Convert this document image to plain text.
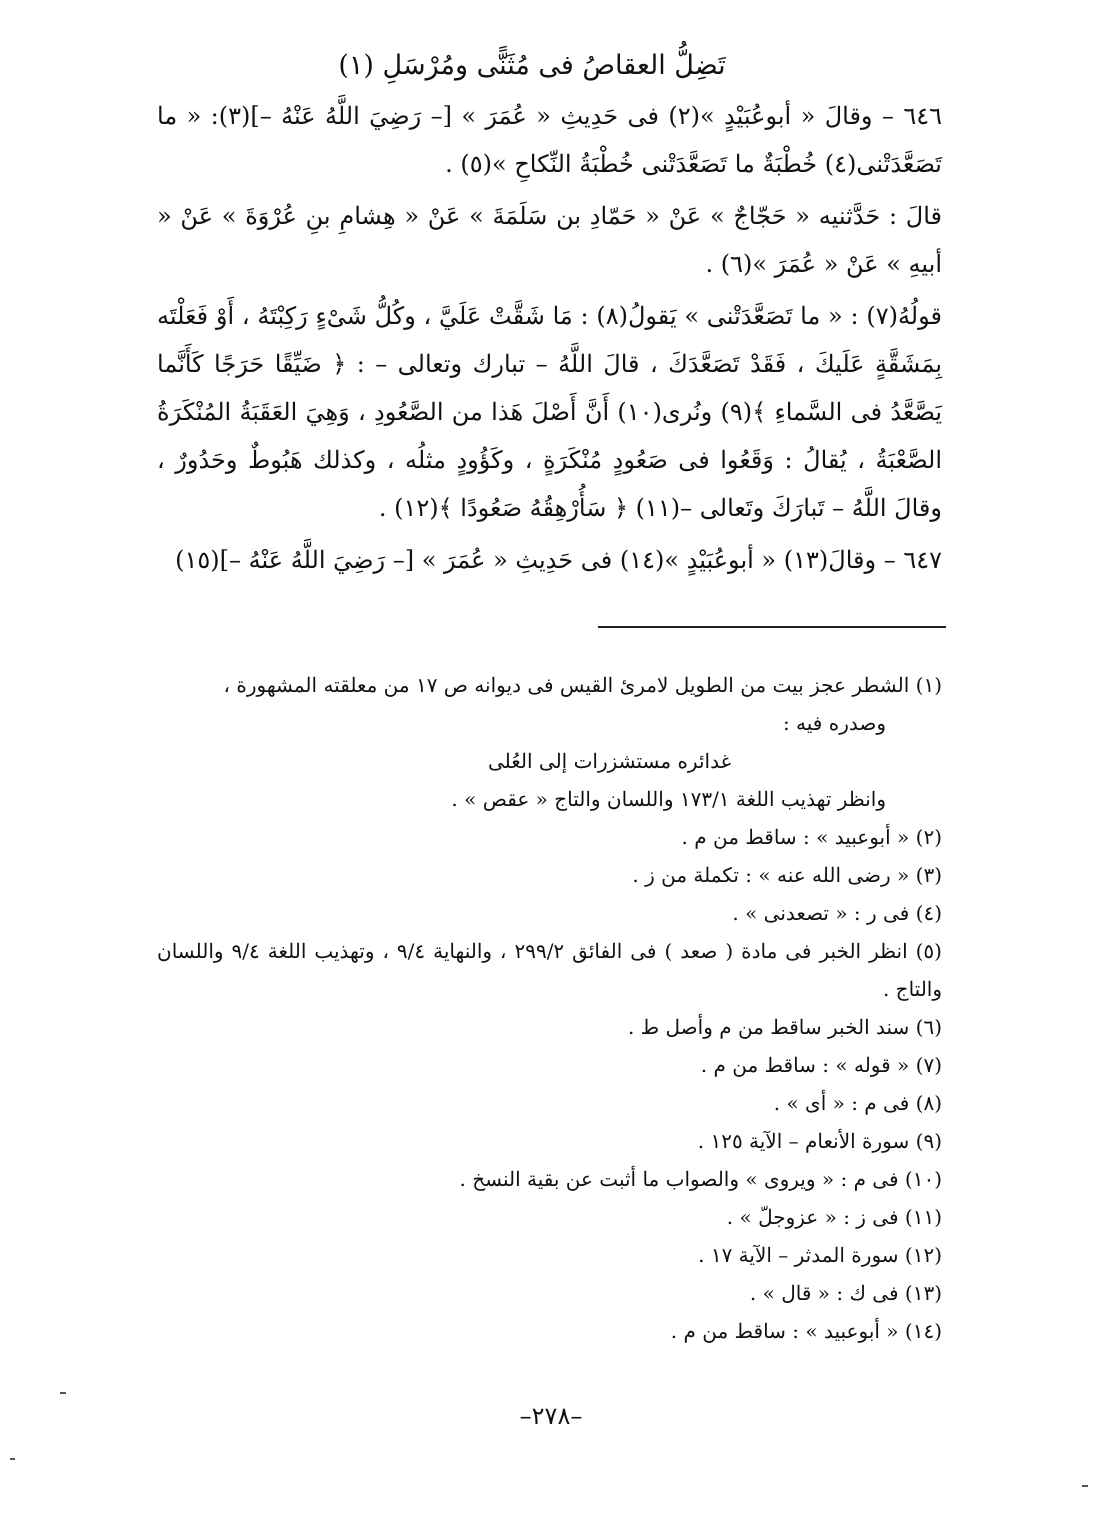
تَضِلُّ العقاصُ فى مُثَنًّى ومُرْسَلِ (١)

٦٤٦ – وقالَ « أبوعُبَيْدٍ »(٢) فى حَدِيثِ « عُمَرَ » [– رَضِيَ اللَّهُ عَنْهُ –](٣): « ما تَصَعَّدَتْنى(٤) خُطْبَةٌ ما تَصَعَّدَتْنى خُطْبَةُ النِّكاحِ »(٥) .

قالَ : حَدَّثنيه « حَجّاجٌ » عَنْ « حَمّادِ بن سَلَمَةَ » عَنْ « هِشامِ بنِ عُرْوَةَ » عَنْ « أبيهِ » عَنْ « عُمَرَ »(٦) .

قولُهُ(٧) : « ما تَصَعَّدَتْنى » يَقولُ(٨) : مَا شَقَّتْ عَلَيَّ ، وكُلُّ شَىْءٍ رَكِبْتَهُ ، أَوْ فَعَلْتَه بِمَشَقَّةٍ عَلَيكَ ، فَقَدْ تَصَعَّدَكَ ، قالَ اللَّهُ – تبارك وتعالى – : ﴿ ضَيِّقًا حَرَجًا كَأَنَّما يَصَّعَّدُ فى السَّماءِ ﴾(٩) ونُرى(١٠) أَنَّ أَصْلَ هَذا من الصَّعُودِ ، وَهِيَ العَقَبَةُ المُنْكَرَةُ الصَّعْبَةُ ، يُقالُ : وَقَعُوا فى صَعُودٍ مُنْكَرَةٍ ، وكَؤُودٍ مثلُه ، وكذلك هَبُوطٌ وحَدُورٌ ، وقالَ اللَّهُ – تَبارَكَ وتَعالى –(١١) ﴿ سَأُرْهِقُهُ صَعُودًا ﴾(١٢) .

٦٤٧ – وقالَ(١٣) « أبوعُبَيْدٍ »(١٤) فى حَدِيثِ « عُمَرَ » [– رَضِيَ اللَّهُ عَنْهُ –](١٥)

(١) الشطر عجز بيت من الطويل لامرئ القيس فى ديوانه ص ١٧ من معلقته المشهورة ،

وصدره فيه :

غدائره مستشزرات إلى العُلى

وانظر تهذيب اللغة ١٧٣/١ واللسان والتاج « عقص » .

(٢) « أبوعبيد » : ساقط من م .

(٣) « رضى الله عنه » : تكملة من ز .

(٤) فى ر : « تصعدنى » .

(٥) انظر الخبر فى مادة ( صعد ) فى الفائق ٢٩٩/٢ ، والنهاية ٩/٤ ، وتهذيب اللغة ٩/٤ واللسان والتاج .

(٦) سند الخبر ساقط من م وأصل ط .

(٧) « قوله » : ساقط من م .

(٨) فى م : « أى » .

(٩) سورة الأنعام – الآية ١٢٥ .

(١٠) فى م : « ويروى » والصواب ما أثبت عن بقية النسخ .

(١١) فى ز : « عزوجلّ » .

(١٢) سورة المدثر – الآية ١٧ .

(١٣) فى ك : « قال » .

(١٤) « أبوعبيد » : ساقط من م .

–٢٧٨–
